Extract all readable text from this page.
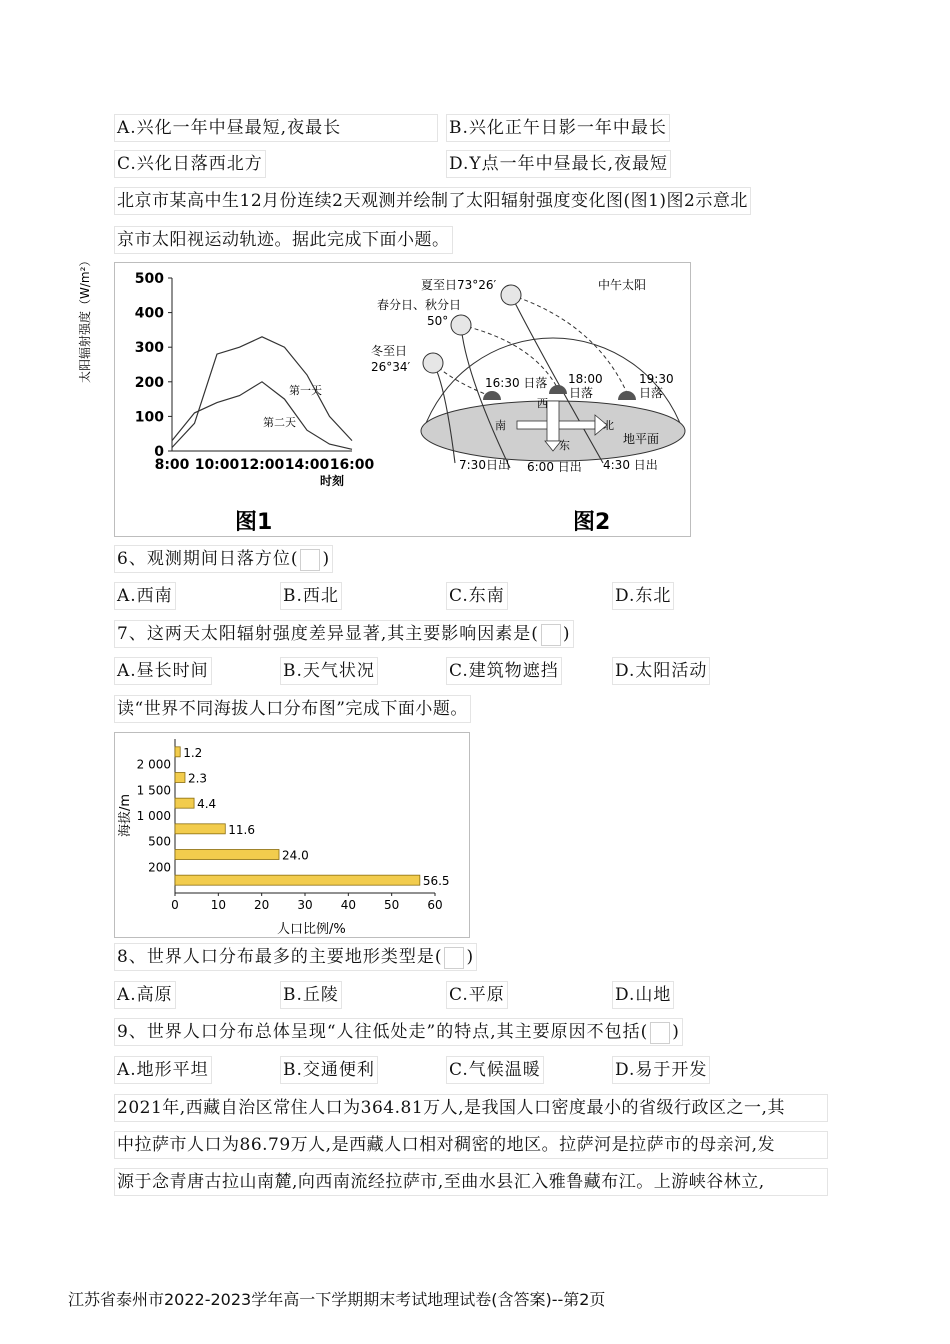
A.兴化一年中昼最短,夜最长	B.兴化正午日影一年中最长
C.兴化日落西北方	D.Y点一年中昼最长,夜最短
北京市某高中生12月份连续2天观测并绘制了太阳辐射强度变化图(图1)图2示意北
京市太阳视运动轨迹。据此完成下面小题。
太阳辐射强度（W/m²）
0
100
200
300
400
500
8:00 10:00 12:00 14:00 16:00
第一天
第二天
时刻
图1
中午太阳
夏至日73°26′
春分日、秋分日
50°
冬至日
26°34′
16:30 日落 18:00
日落
19:30
日落
西
南
东
北
地平面
7:30日出 6:00 日出 4:30 日出
图2
6、观测期间日落方位( )
A.西南	B.西北	C.东南	D.东北
7、这两天太阳辐射强度差异显著,其主要影响因素是( )
A.昼长时间	B.天气状况	C.建筑物遮挡	D.太阳活动
读“世界不同海拔人口分布图”完成下面小题。
海拔/m
1.2
2.3
4.4
11.6
24.0
56.5
2 000
1 500
1 000
500
200
0	10 20 30 40 50 60
人口比例/%
8、世界人口分布最多的主要地形类型是( )
A.高原	B.丘陵	C.平原	D.山地
9、世界人口分布总体呈现“人往低处走”的特点,其主要原因不包括( )
A.地形平坦	B.交通便利	C.气候温暖	D.易于开发
2021年,西藏自治区常住人口为364.81万人,是我国人口密度最小的省级行政区之一,其
中拉萨市人口为86.79万人,是西藏人口相对稠密的地区。拉萨河是拉萨市的母亲河,发
源于念青唐古拉山南麓,向西南流经拉萨市,至曲水县汇入雅鲁藏布江。上游峡谷林立,
江苏省泰州市2022-2023学年高一下学期期末考试地理试卷(含答案)--第2页
